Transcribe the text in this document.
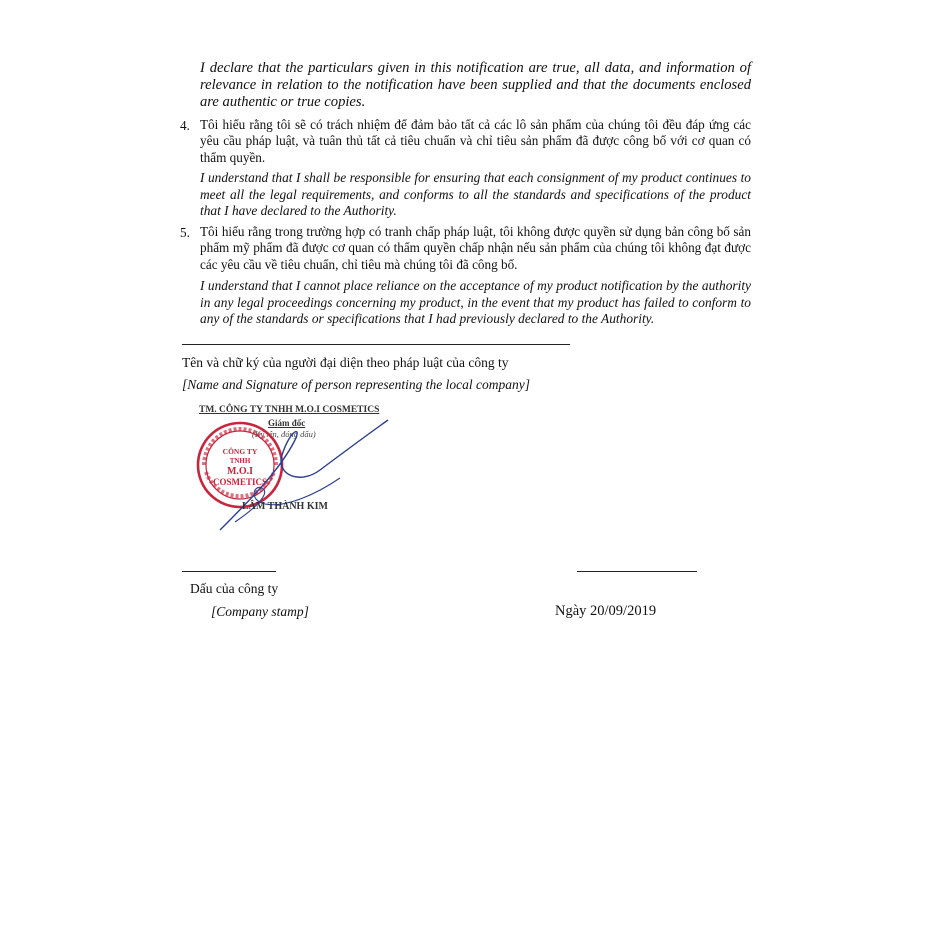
I declare that the particulars given in this notification are true, all data, and information of relevance in relation to the notification have been supplied and that the documents enclosed are authentic or true copies.

4. Tôi hiểu rằng tôi sẽ có trách nhiệm để đảm bảo tất cả các lô sản phẩm của chúng tôi đều đáp ứng các yêu cầu pháp luật, và tuân thủ tất cả tiêu chuẩn và chỉ tiêu sản phẩm đã được công bố với cơ quan có thẩm quyền.

I understand that I shall be responsible for ensuring that each consignment of my product continues to meet all the legal requirements, and conforms to all the standards and specifications of the product that I have declared to the Authority.

5. Tôi hiểu rằng trong trường hợp có tranh chấp pháp luật, tôi không được quyền sử dụng bản công bố sản phẩm mỹ phẩm đã được cơ quan có thẩm quyền chấp nhận nếu sản phẩm của chúng tôi không đạt được các yêu cầu về tiêu chuẩn, chỉ tiêu mà chúng tôi đã công bố.

I understand that I cannot place reliance on the acceptance of my product notification by the authority in any legal proceedings concerning my product, in the event that my product has failed to conform to any of the standards or specifications that I had previously declared to the Authority.

Tên và chữ ký của người đại diện theo pháp luật của công ty
[Name and Signature of person representing the local company]
TM. CÔNG TY TNHH M.O.I COSMETICS
Giám đốc
(Ký tên, đóng dấu)
CÔNG TY
TNHH
M.O.I
COSMETICS
LÂM THÀNH KIM
Dấu của công ty
[Company stamp]	Ngày 20/09/2019
